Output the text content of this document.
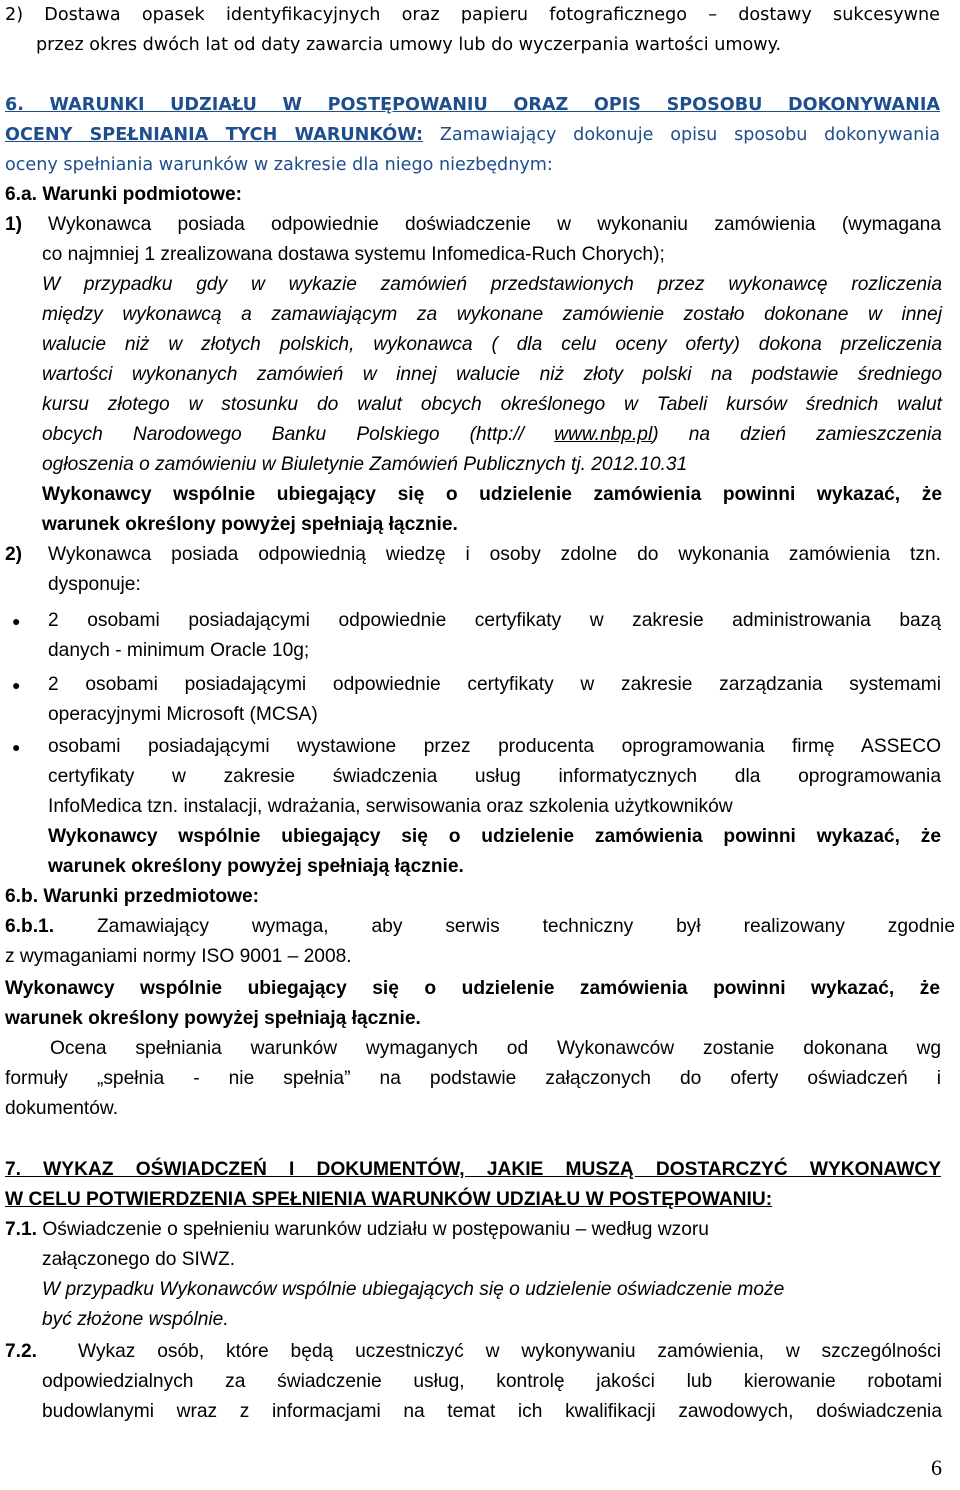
2) Dostawa opasek identyfikacyjnych oraz papieru fotograficznego – dostawy sukcesywne
przez okres dwóch lat od daty zawarcia umowy lub do wyczerpania wartości umowy.
6. WARUNKI UDZIAŁU W POSTĘPOWANIU ORAZ OPIS SPOSOBU DOKONYWANIA
OCENY SPEŁNIANIA TYCH WARUNKÓW: Zamawiający dokonuje opisu sposobu dokonywania
oceny spełniania warunków w zakresie dla niego niezbędnym:
6.a. Warunki podmiotowe:
1)	Wykonawca posiada odpowiednie doświadczenie w wykonaniu zamówienia (wymagana
co najmniej 1 zrealizowana dostawa systemu Infomedica-Ruch Chorych);
W przypadku gdy w wykazie zamówień przedstawionych przez wykonawcę rozliczenia
między wykonawcą a zamawiającym za wykonane zamówienie zostało dokonane w innej
walucie niż w złotych polskich, wykonawca ( dla celu oceny oferty) dokona przeliczenia
wartości wykonanych zamówień w innej walucie niż złoty polski na podstawie średniego
kursu złotego w stosunku do walut obcych określonego w Tabeli kursów średnich walut
obcych Narodowego Banku Polskiego (http:// www.nbp.pl) na dzień zamieszczenia
ogłoszenia o zamówieniu w Biuletynie Zamówień Publicznych tj. 2012.10.31
Wykonawcy wspólnie ubiegający się o udzielenie zamówienia powinni wykazać, że
warunek określony powyżej spełniają łącznie.
2)	Wykonawca posiada odpowiednią wiedzę i osoby zdolne do wykonania zamówienia tzn.
dysponuje:
● 2 osobami posiadającymi odpowiednie certyfikaty w zakresie administrowania bazą
danych - minimum Oracle 10g;
● 2 osobami posiadającymi odpowiednie certyfikaty w zakresie zarządzania systemami
operacyjnymi Microsoft (MCSA)
● osobami posiadającymi wystawione przez producenta oprogramowania firmę ASSECO
certyfikaty w zakresie świadczenia usług informatycznych dla oprogramowania
InfoMedica tzn. instalacji, wdrażania, serwisowania oraz szkolenia użytkowników
Wykonawcy wspólnie ubiegający się o udzielenie zamówienia powinni wykazać, że
warunek określony powyżej spełniają łącznie.
6.b. Warunki przedmiotowe:
6.b.1. Zamawiający wymaga, aby serwis techniczny był realizowany zgodnie
z wymaganiami normy ISO 9001 – 2008.
Wykonawcy wspólnie ubiegający się o udzielenie zamówienia powinni wykazać, że
warunek określony powyżej spełniają łącznie.
Ocena spełniania warunków wymaganych od Wykonawców zostanie dokonana wg
formuły „spełnia - nie spełnia” na podstawie załączonych do oferty oświadczeń i
dokumentów.
7. WYKAZ OŚWIADCZEŃ I DOKUMENTÓW, JAKIE MUSZĄ DOSTARCZYĆ WYKONAWCY
W CELU POTWIERDZENIA SPEŁNIENIA WARUNKÓW UDZIAŁU W POSTĘPOWANIU:
7.1. Oświadczenie o spełnieniu warunków udziału w postępowaniu – według wzoru
załączonego do SIWZ.
W przypadku Wykonawców wspólnie ubiegających się o udzielenie oświadczenie może
być złożone wspólnie.
7.2.	Wykaz osób, które będą uczestniczyć w wykonywaniu zamówienia, w szczególności
odpowiedzialnych za świadczenie usług, kontrolę jakości lub kierowanie robotami
budowlanymi wraz z informacjami na temat ich kwalifikacji zawodowych, doświadczenia
6
